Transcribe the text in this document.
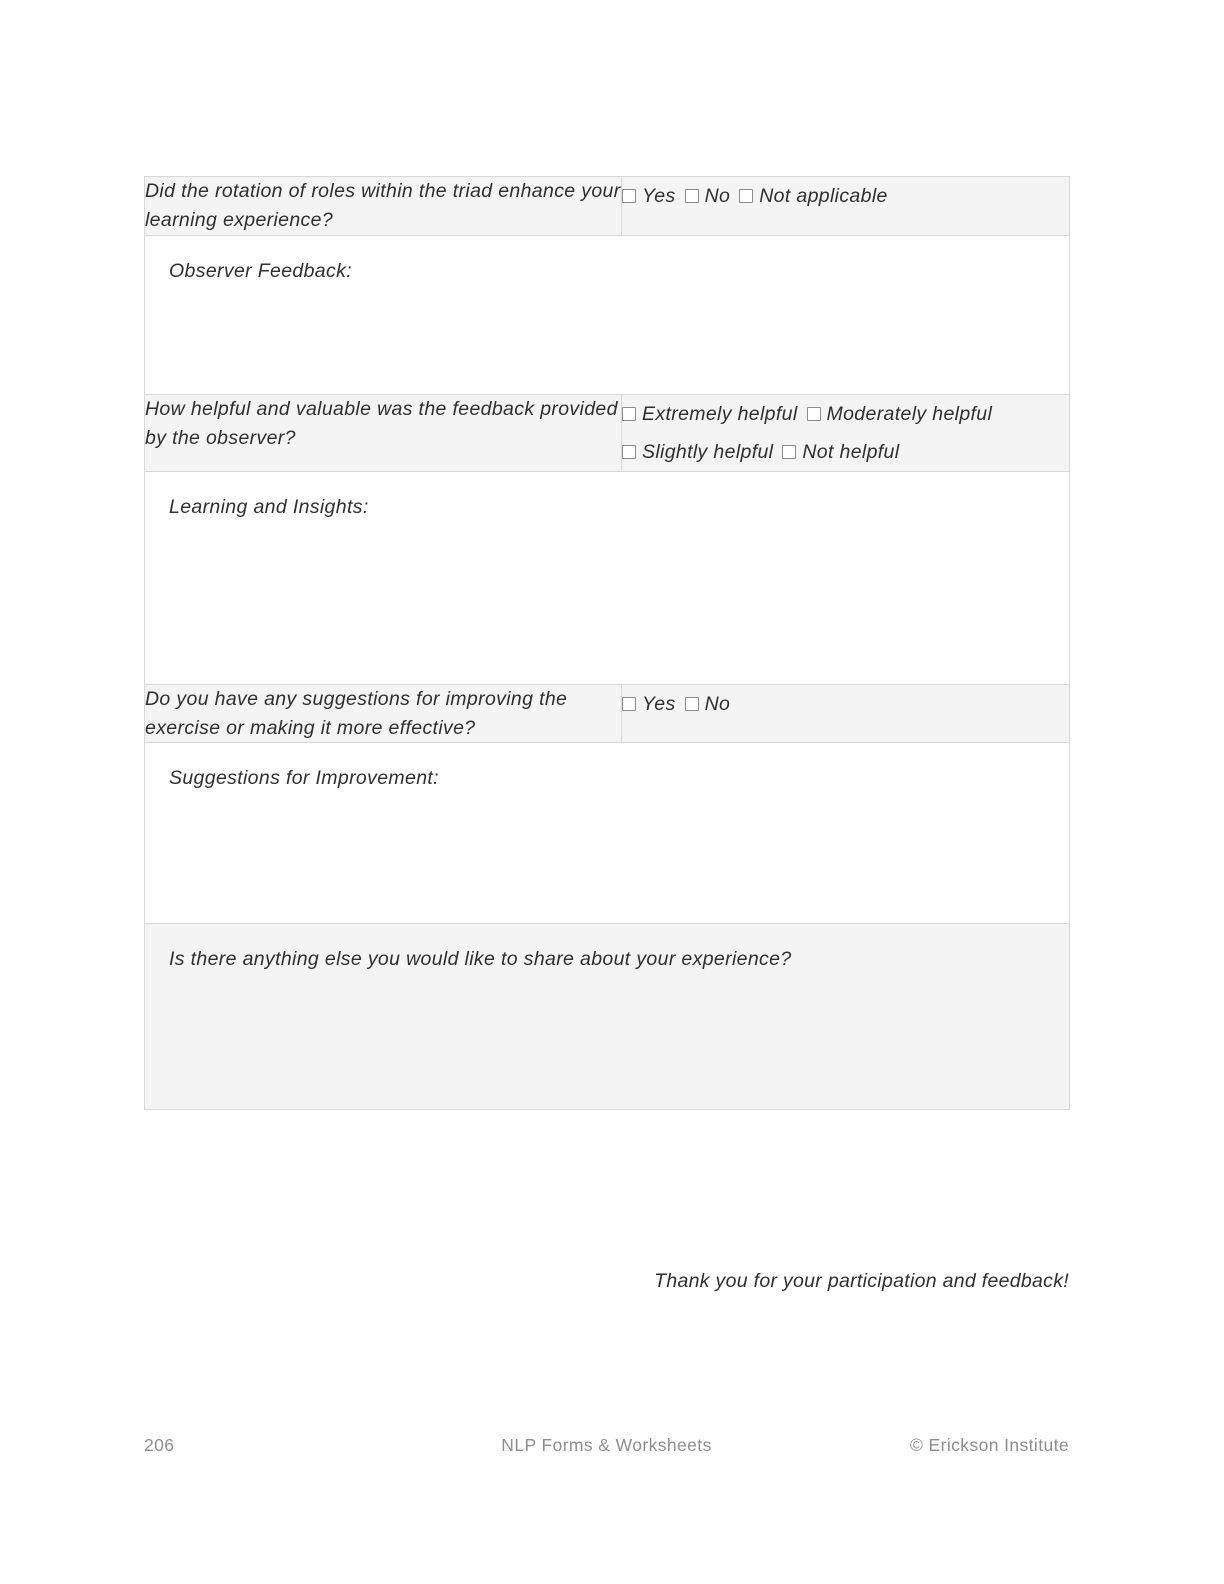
Did the rotation of roles within the triad enhance your learning experience?	Yes No Not applicable

Observer Feedback:	

How helpful and valuable was the feedback provided by the observer?	Extremely helpful Moderately helpfulSlightly helpful Not helpful

Learning and Insights:	

Do you have any suggestions for improving the exercise or making it more effective?	Yes No

Suggestions for Improvement:	

Is there anything else you would like to share about your experience?	
Thank you for your participation and feedback!
206	NLP Forms & Worksheets	© Erickson Institute
